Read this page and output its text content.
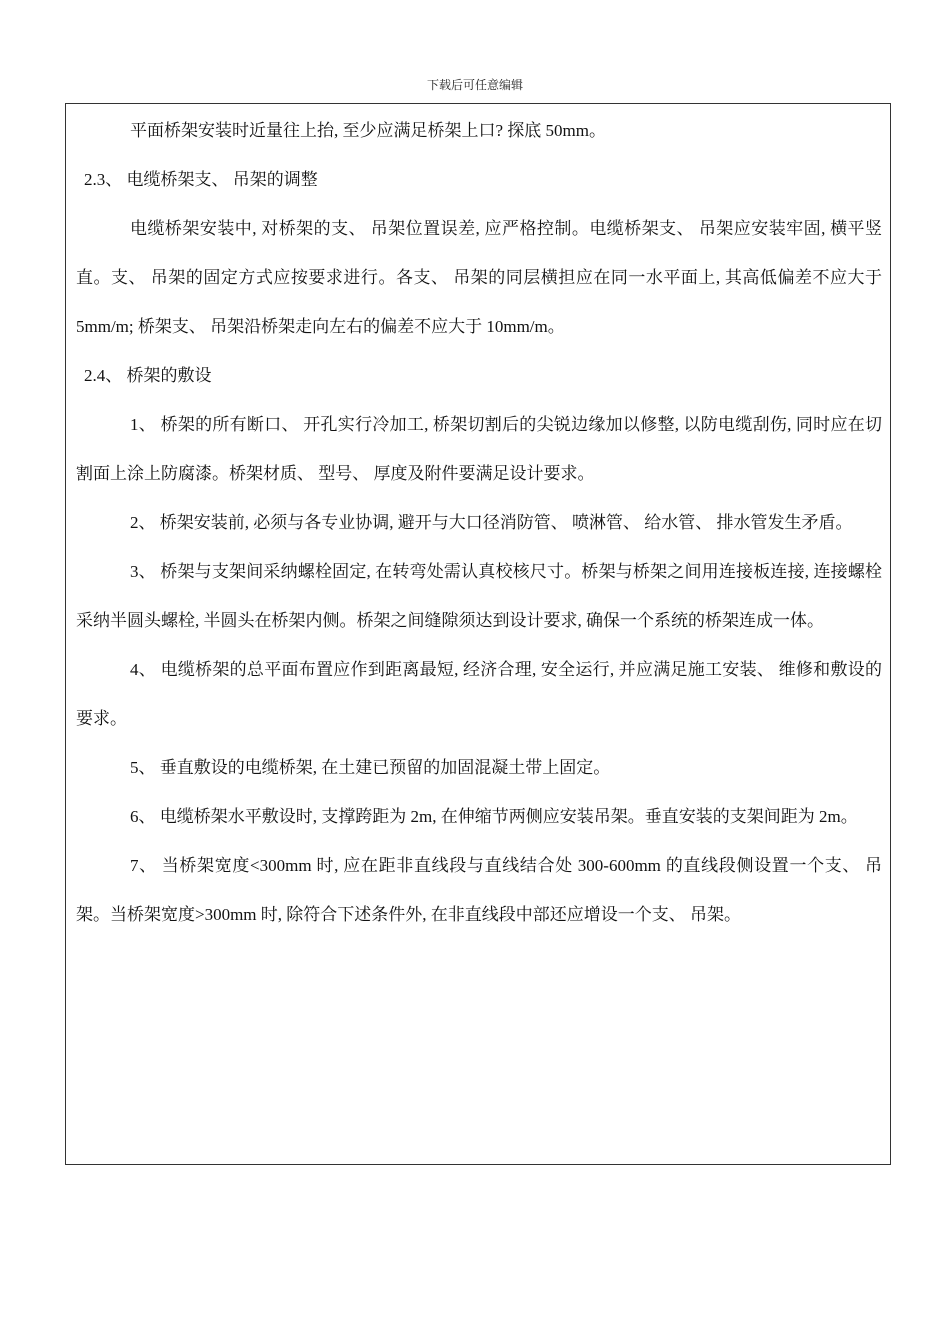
下载后可任意编辑

平面桥架安装时近量往上抬, 至少应满足桥架上口? 探底 50mm。

2.3、 电缆桥架支、 吊架的调整

电缆桥架安装中, 对桥架的支、 吊架位置误差, 应严格控制。电缆桥架支、 吊架应安装牢固, 横平竖直。支、 吊架的固定方式应按要求进行。各支、 吊架的同层横担应在同一水平面上, 其高低偏差不应大于 5mm/m; 桥架支、 吊架沿桥架走向左右的偏差不应大于 10mm/m。

2.4、 桥架的敷设

1、 桥架的所有断口、 开孔实行冷加工, 桥架切割后的尖锐边缘加以修整, 以防电缆刮伤, 同时应在切割面上涂上防腐漆。桥架材质、 型号、 厚度及附件要满足设计要求。

2、 桥架安装前, 必须与各专业协调, 避开与大口径消防管、 喷淋管、 给水管、 排水管发生矛盾。

3、 桥架与支架间采纳螺栓固定, 在转弯处需认真校核尺寸。桥架与桥架之间用连接板连接, 连接螺栓采纳半圆头螺栓, 半圆头在桥架内侧。桥架之间缝隙须达到设计要求, 确保一个系统的桥架连成一体。

4、 电缆桥架的总平面布置应作到距离最短, 经济合理, 安全运行, 并应满足施工安装、 维修和敷设的要求。

5、 垂直敷设的电缆桥架, 在土建已预留的加固混凝土带上固定。

6、 电缆桥架水平敷设时, 支撑跨距为 2m, 在伸缩节两侧应安装吊架。垂直安装的支架间距为 2m。

7、 当桥架宽度<300mm 时, 应在距非直线段与直线结合处 300-600mm 的直线段侧设置一个支、 吊架。当桥架宽度>300mm 时, 除符合下述条件外, 在非直线段中部还应增设一个支、 吊架。
